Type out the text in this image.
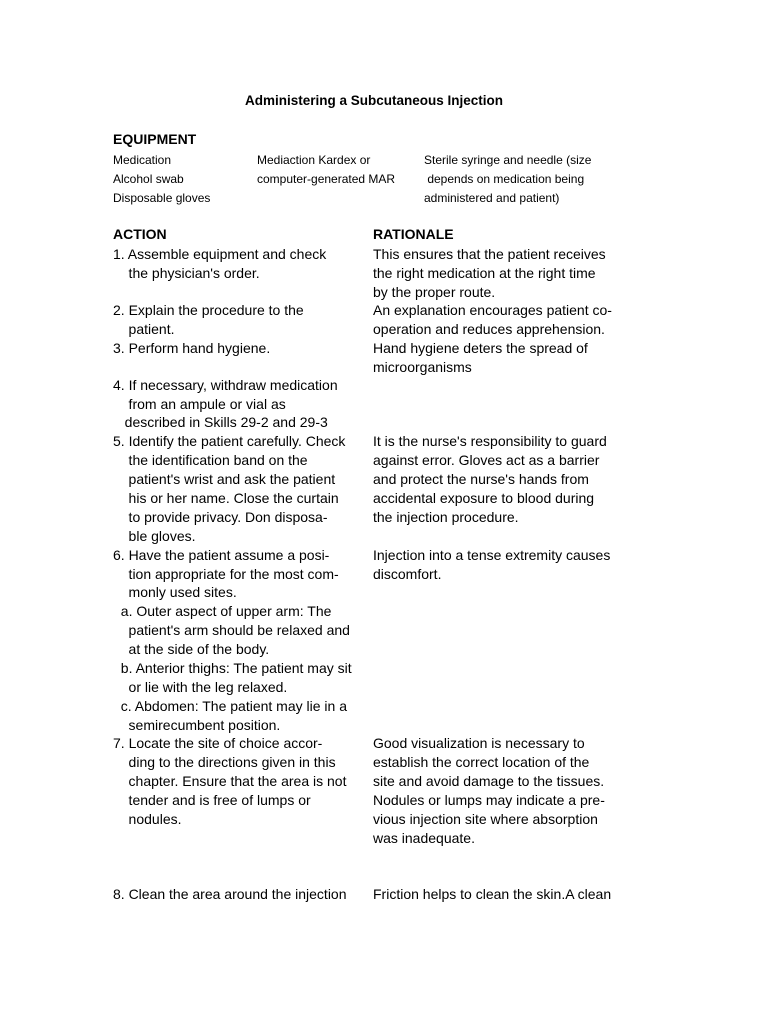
Administering a Subcutaneous Injection
EQUIPMENT
Medication
Alcohol swab
Disposable gloves
Mediaction Kardex or
computer-generated MAR
Sterile syringe and needle (size
depends on medication being
administered and patient)
ACTION	RATIONALE
1. Assemble equipment and check
the physician's order.
2. Explain the procedure to the
patient.
3. Perform hand hygiene.
4. If necessary, withdraw medication
from an ampule or vial as
described in Skills 29-2 and 29-3
5. Identify the patient carefully. Check
the identification band on the
patient's wrist and ask the patient
his or her name. Close the curtain
to provide privacy. Don disposa-
ble gloves.
6. Have the patient assume a posi-
tion appropriate for the most com-
monly used sites.
a. Outer aspect of upper arm: The
patient's arm should be relaxed and
at the side of the body.
b. Anterior thighs: The patient may sit
or lie with the leg relaxed.
c. Abdomen: The patient may lie in a
semirecumbent position.
7. Locate the site of choice accor-
ding to the directions given in this
chapter. Ensure that the area is not
tender and is free of lumps or
nodules.
8. Clean the area around the injection
This ensures that the patient receives
the right medication at the right time
by the proper route.
An explanation encourages patient co-
operation and reduces apprehension.
Hand hygiene deters the spread of
microorganisms
It is the nurse's responsibility to guard
against error. Gloves act as a barrier
and protect the nurse's hands from
accidental exposure to blood during
the injection procedure.
Injection into a tense extremity causes
discomfort.
Good visualization is necessary to
establish the correct location of the
site and avoid damage to the tissues.
Nodules or lumps may indicate a pre-
vious injection site where absorption
was inadequate.
Friction helps to clean the skin.A clean
